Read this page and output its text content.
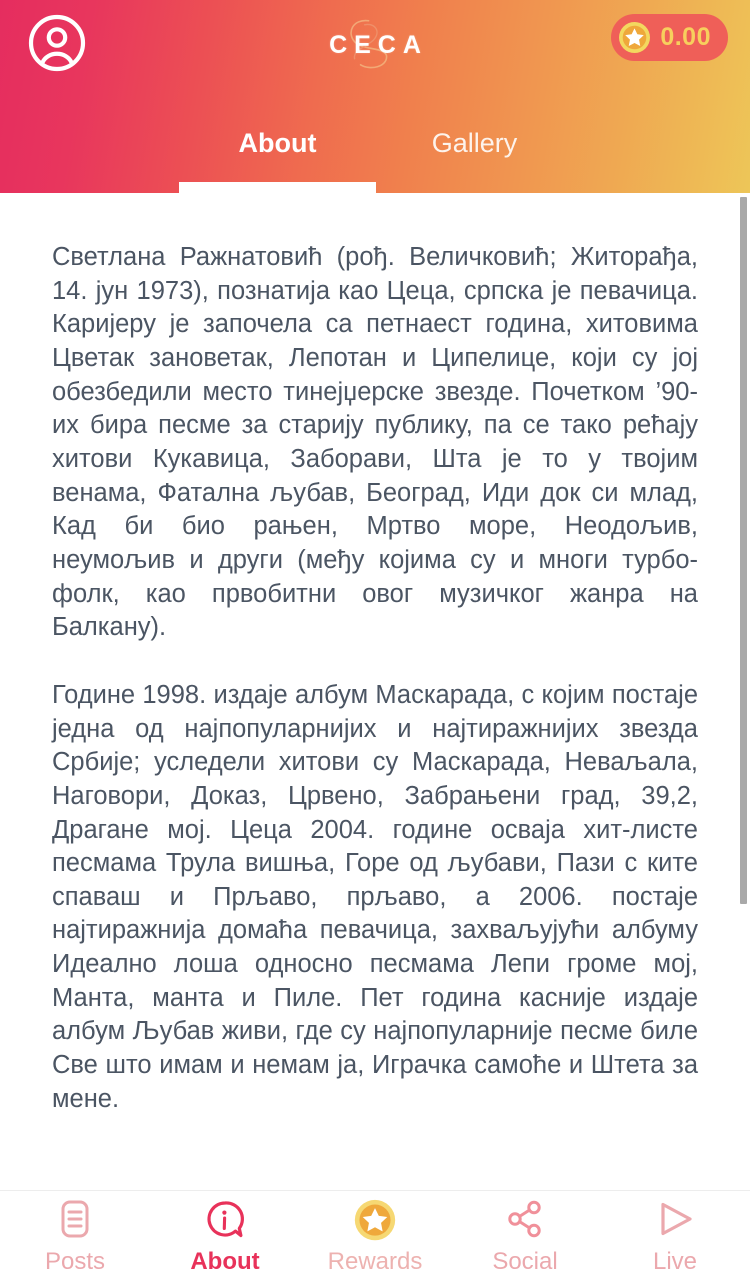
CECA	0.00
About	Gallery

Светлана Ражнатовић (рођ. Величковић; Житорађа, 14. јун 1973), познатија као Цеца, српска је певачица. Каријеру је започела са петнаест година, хитовима Цветак зановетак, Лепотан и Ципелице, који су јој обезбедили место тинејџерске звезде. Почетком ’90-их бира песме за старију публику, па се тако рећају хитови Кукавица, Заборави, Шта је то у твојим венама, Фатална љубав, Београд, Иди док си млад, Кад би био рањен, Мртво море, Неодољив, неумољив и други (међу којима су и многи турбо-фолк, као првобитни овог музичког жанра на Балкану).

Године 1998. издаје албум Маскарада, с којим постаје једна од најпопуларнијих и најтиражнијих звезда Србије; уследели хитови су Маскарада, Неваљала, Наговори, Доказ, Црвено, Забрањени град, 39,2, Драгане мој. Цеца 2004. године осваја хит-листе песмама Трула вишња, Горе од љубави, Пази с ките спаваш и Прљаво, прљаво, а 2006. постаје најтиражнија домаћа певачица, захваљујући албуму Идеално лоша односно песмама Лепи громе мој, Манта, манта и Пиле. Пет година касније издаје албум Љубав живи, где су најпопуларније песме биле Све што имам и немам ја, Играчка самоће и Штета за мене.

Posts	About	Rewards	Social	Live
